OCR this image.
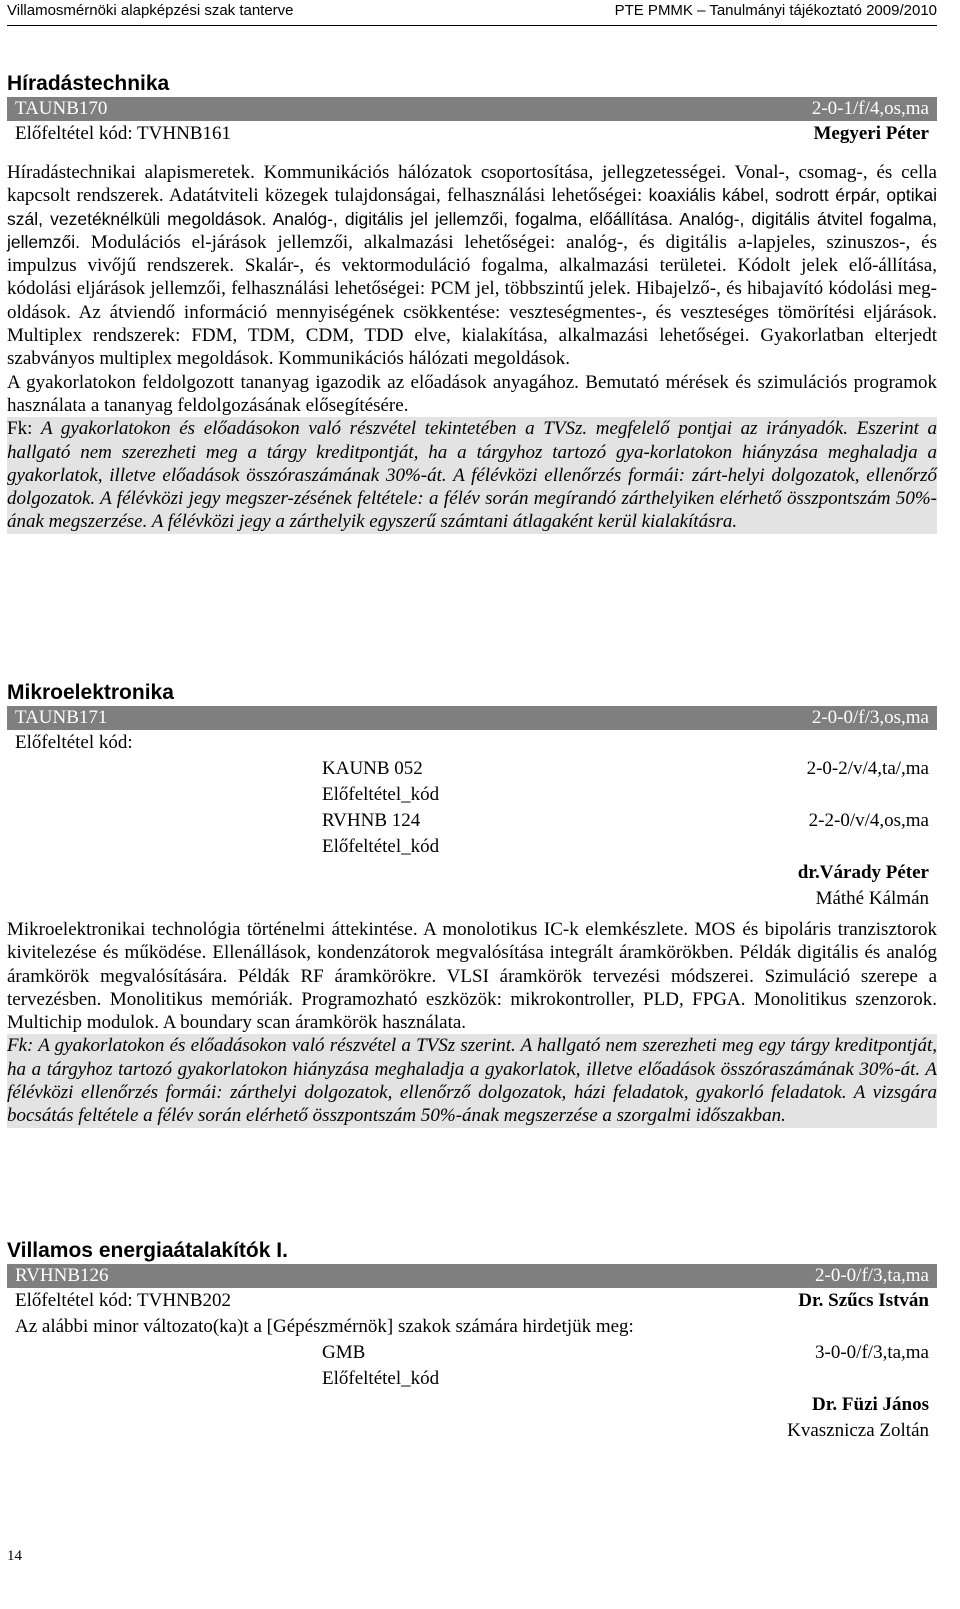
Villamosmérnöki alapképzési szak tanterve	PTE PMMK – Tanulmányi tájékoztató 2009/2010
Híradástechnika
TAUNB170	2-0-1/f/4,os,ma
Előfeltétel kód: TVHNB161	Megyeri Péter

Híradástechnikai alapismeretek. Kommunikációs hálózatok csoportosítása, jellegzetességei. Vonal-, csomag-, és cella kapcsolt rendszerek. Adatátviteli közegek tulajdonságai, felhasználási lehetőségei: koaxiális kábel, sodrott érpár, optikai szál, vezetéknélküli megoldások. Analóg-, digitális jel jellemzői, fogalma, előállítása. Analóg-, digitális átvitel fogalma, jellemzői. Modulációs el-járások jellemzői, alkalmazási lehetőségei: analóg-, és digitális a-lapjeles, szinuszos-, és impulzus vivőjű rendszerek. Skalár-, és vektormoduláció fogalma, alkalmazási területei. Kódolt jelek elő-állítása, kódolási eljárások jellemzői, felhasználási lehetőségei: PCM jel, többszintű jelek. Hibajelző-, és hibajavító kódolási meg-oldások. Az átviendő információ mennyiségének csökkentése: veszteségmentes-, és veszteséges tömörítési eljárások. Multiplex rendszerek: FDM, TDM, CDM, TDD elve, kialakítása, alkalmazási lehetőségei. Gyakorlatban elterjedt szabványos multiplex megoldások. Kommunikációs hálózati megoldások.

A gyakorlatokon feldolgozott tananyag igazodik az előadások anyagához. Bemutató mérések és szimulációs programok használata a tananyag feldolgozásának elősegítésére.

Fk: A gyakorlatokon és előadásokon való részvétel tekintetében a TVSz. megfelelő pontjai az irányadók. Eszerint a hallgató nem szerezheti meg a tárgy kreditpontját, ha a tárgyhoz tartozó gya-korlatokon hiányzása meghaladja a gyakorlatok, illetve előadások összóraszámának 30%-át. A félévközi ellenőrzés formái: zárt-helyi dolgozatok, ellenőrző dolgozatok. A félévközi jegy megszer-zésének feltétele: a félév során megírandó zárthelyiken elérhető összpontszám 50%-ának megszerzése. A félévközi jegy a zárthelyik egyszerű számtani átlagaként kerül kialakításra.

Mikroelektronika
TAUNB171	2-0-0/f/3,os,ma
Előfeltétel kód:
KAUNB 052	2-0-2/v/4,ta/,ma
Előfeltétel_kód
RVHNB 124	2-2-0/v/4,os,ma
Előfeltétel_kód
dr.Várady Péter
Máthé Kálmán

Mikroelektronikai technológia történelmi áttekintése. A monolotikus IC-k elemkészlete. MOS és bipoláris tranzisztorok kivitelezése és működése. Ellenállások, kondenzátorok megvalósítása integrált áramkörökben. Példák digitális és analóg áramkörök megvalósítására. Példák RF áramkörökre. VLSI áramkörök tervezési módszerei. Szimuláció szerepe a tervezésben. Monolitikus memóriák. Programozható eszközök: mikrokontroller, PLD, FPGA. Monolitikus szenzorok. Multichip modulok. A boundary scan áramkörök használata.

Fk: A gyakorlatokon és előadásokon való részvétel a TVSz szerint. A hallgató nem szerezheti meg egy tárgy kreditpontját, ha a tárgyhoz tartozó gyakorlatokon hiányzása meghaladja a gyakorlatok, illetve előadások összóraszámának 30%-át. A félévközi ellenőrzés formái: zárthelyi dolgozatok, ellenőrző dolgozatok, házi feladatok, gyakorló feladatok. A vizsgára bocsátás feltétele a félév során elérhető összpontszám 50%-ának megszerzése a szorgalmi időszakban.

Villamos energiaátalakítók I.
RVHNB126	2-0-0/f/3,ta,ma
Előfeltétel kód: TVHNB202	Dr. Szűcs István
Az alábbi minor változato(ka)t a [Gépészmérnök] szakok számára hirdetjük meg:
GMB	3-0-0/f/3,ta,ma
Előfeltétel_kód
Dr. Füzi János
Kvasznicza Zoltán
14
